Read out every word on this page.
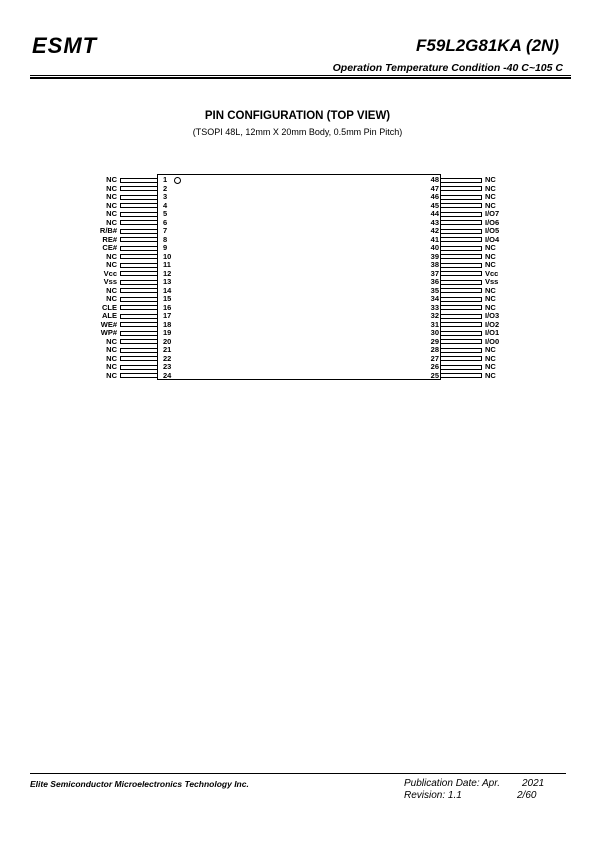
ESMT	F59L2G81KA (2N)
Operation Temperature Condition -40 C~105 C
PIN CONFIGURATION (TOP VIEW)
(TSOPI 48L, 12mm X 20mm Body, 0.5mm Pin Pitch)
NC	1
NC	2
NC	3
NC	4
NC	5
NC	6
R/B#	7
RE#	8
CE#	9
NC	10
NC	11
Vcc	12
Vss	13
NC	14
NC	15
CLE	16
ALE	17
WE#	18
WP#	19
NC	20
NC	21
NC	22
NC	23
NC	24
48	NC
47	NC
46	NC
45	NC
44	I/O7
43	I/O6
42	I/O5
41	I/O4
40	NC
39	NC
38	NC
37	Vcc
36	Vss
35	NC
34	NC
33	NC
32	I/O3
31	I/O2
30	I/O1
29	I/O0
28	NC
27	NC
26	NC
25	NC
Elite Semiconductor Microelectronics Technology Inc.	Publication Date: Apr. 2021
Revision: 1.1	2/60
